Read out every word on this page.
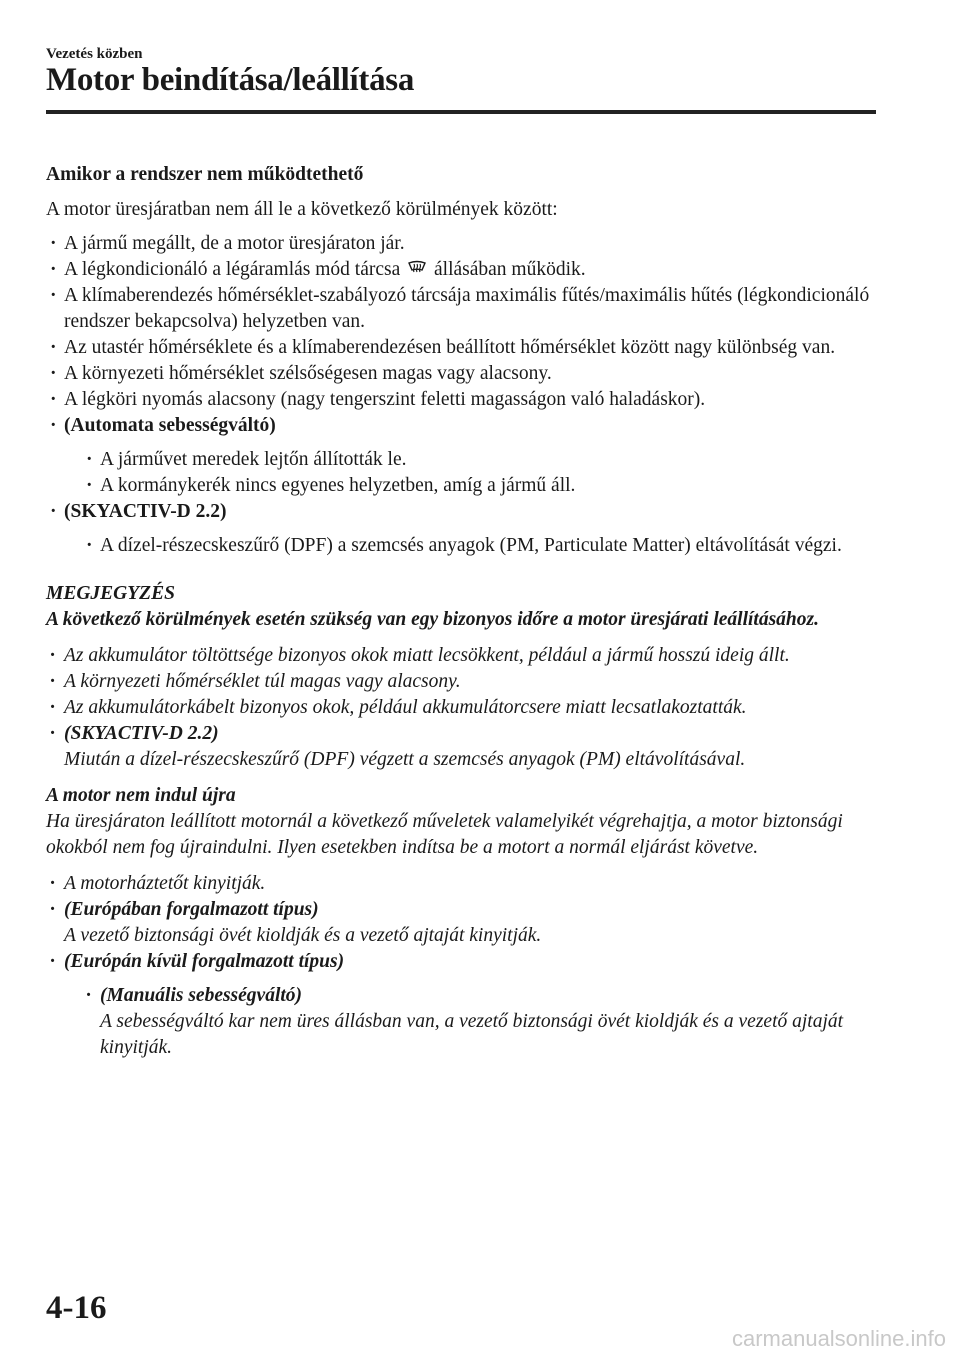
Vezetés közben
Motor beindítása/leállítása
Amikor a rendszer nem működtethető
A motor üresjáratban nem áll le a következő körülmények között:
· A jármű megállt, de a motor üresjáraton jár.
· A légkondicionáló a légáramlás mód tárcsa állásában működik.
· A klímaberendezés hőmérséklet-szabályozó tárcsája maximális fűtés/maximális hűtés (légkondicionáló rendszer bekapcsolva) helyzetben van.
· Az utastér hőmérséklete és a klímaberendezésen beállított hőmérséklet között nagy különbség van.
· A környezeti hőmérséklet szélsőségesen magas vagy alacsony.
· A légköri nyomás alacsony (nagy tengerszint feletti magasságon való haladáskor).
· (Automata sebességváltó)
· A járművet meredek lejtőn állították le.
· A kormánykerék nincs egyenes helyzetben, amíg a jármű áll.
· (SKYACTIV-D 2.2)
· A dízel-részecskeszűrő (DPF) a szemcsés anyagok (PM, Particulate Matter) eltávolítását végzi.
MEGJEGYZÉS
A következő körülmények esetén szükség van egy bizonyos időre a motor üresjárati leállításához.
· Az akkumulátor töltöttsége bizonyos okok miatt lecsökkent, például a jármű hosszú ideig állt.
· A környezeti hőmérséklet túl magas vagy alacsony.
· Az akkumulátorkábelt bizonyos okok, például akkumulátorcsere miatt lecsatlakoztatták.
· (SKYACTIV-D 2.2)
Miután a dízel-részecskeszűrő (DPF) végzett a szemcsés anyagok (PM) eltávolításával.
A motor nem indul újra
Ha üresjáraton leállított motornál a következő műveletek valamelyikét végrehajtja, a motor biztonsági okokból nem fog újraindulni. Ilyen esetekben indítsa be a motort a normál eljárást követve.
· A motorháztetőt kinyitják.
· (Európában forgalmazott típus)
A vezető biztonsági övét kioldják és a vezető ajtaját kinyitják.
· (Európán kívül forgalmazott típus)
· (Manuális sebességváltó)
A sebességváltó kar nem üres állásban van, a vezető biztonsági övét kioldják és a vezető ajtaját kinyitják.
4-16
carmanualsonline.info
